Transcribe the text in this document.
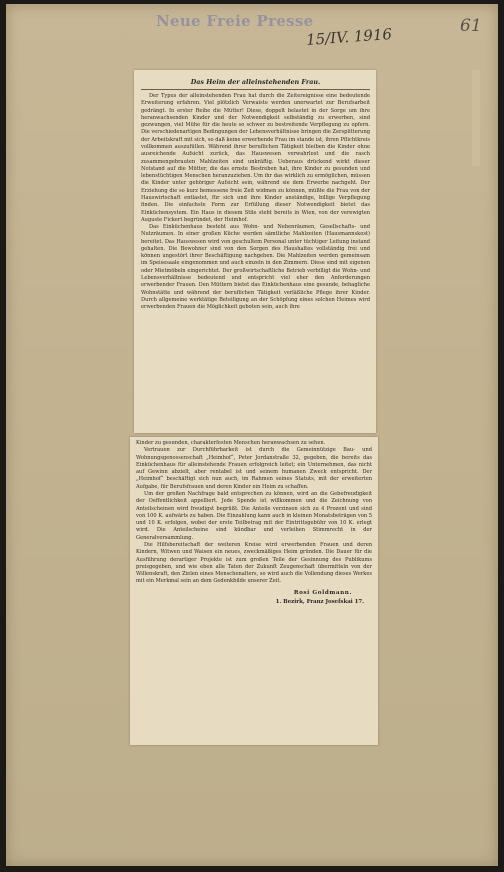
Neue Freie Presse
15/IV. 1916	61
Das Heim der alleinstehenden Frau.

Der Typus der alleinstehenden Frau hat durch die Zeitereignisse eine bedeutende Erweiterung erfahren. Viel plötzlich Verwaiste werden unerwartet zur Berufsarbeit gedrängt. In erster Reihe die Mütter! Diese, doppelt belastet in der Sorge um ihre heranwachsenden Kinder und der Notwendigkeit selbständig zu erwerben, sind gezwungen, viel Mühe für die heute so schwer zu bestreitende Verpflegung zu opfern. Die verschiedenartigen Bedingungen der Lebensverhältnisse bringen die Zersplitterung der Arbeitskraft mit sich, so daß keine erwerbende Frau im stande ist, ihren Pflichtkreis vollkommen auszufüllen. Während ihrer beruflichen Tätigkeit bleiben die Kinder ohne ausreichende Aufsicht zurück, das Hauswesen verwahrlost und die rasch zusammengebrauten Mahlzeiten sind unkräftig. Ueberaus drückend wirkt dieser Notstand auf die Mütter, die das ernste Bestreben hat, ihre Kinder zu gesunden und lebenstüchtigen Menschen heranzuziehen. Um ihr das wirklich zu ermöglichen, müssen die Kinder unter gehöriger Aufsicht sein, während sie dem Erwerbe nachgeht. Der Erziehung die so kurz bemessene freie Zeit widmen zu können, müßte die Frau von der Hauswirtschaft entlastet, für sich und ihre Kinder anständige, billige Verpflegung finden. Die einfachste Form zur Erfüllung dieser Notwendigkeit bietet das Einküchensystem. Ein Haus in diesem Stile steht bereits in Wien, von der verewigten Auguste Fickert begründet, der Heimhof.

Das Einküchenhaus besteht aus Wohn- und Nebenräumen, Gesellschafts- und Nutzräumen. In einer großen Küche werden sämtliche Mahlzeiten (Hausmannskost) bereitet. Das Hauswesen wird von geschultem Personal unter tüchtiger Leitung instand gehalten. Die Bewohner sind von den Sorgen des Haushaltes vollständig frei und können ungestört ihrer Beschäftigung nachgehen. Die Mahlzeiten werden gemeinsam im Speisesaale eingenommen und auch einzeln in den Zimmern. Diese sind mit eigenen oder Mietmöbeln eingerichtet. Der großwirtschaftliche Betrieb verbilligt die Wohn- und Lebensverhältnisse bedeutend und entspricht viel eher den Anforderungen erwerbender Frauen. Den Müttern bietet das Einküchenhaus eine gesunde, behagliche Wohnstätte und während der beruflichen Tätigkeit verläßliche Pflege ihrer Kinder. Durch allgemeine werktätige Beteiligung an der Schöpfung eines solchen Heimes wird erwerbenden Frauen die Möglichkeit geboten sein, auch ihre

Kinder zu gesunden, charakterfesten Menschen heranwachsen zu sehen.

Vertrauen zur Durchführbarkeit ist durch die Gemeinnützige Bau- und Wohnungsgenossenschaft „Heimhof“, Peter Jordanstraße 32, gegeben, die bereits das Einküchenhaus für alleinstehende Frauen erfolgreich leitet; ein Unternehmen, das nicht auf Gewinn abzielt, aber rentabel ist und seinem humanen Zweck entspricht. Der „Heimhof“ beschäftigt sich nun auch, im Rahmen seines Statuts, mit der erweiterten Aufgabe, für Berufsfrauen und deren Kinder ein Heim zu schaffen.

Um der großen Nachfrage bald entsprechen zu können, wird an die Gebefreudigkeit der Oeffentlichkeit appelliert. Jede Spende ist willkommen und die Zeichnung von Anteilscheinen wird freudigst begrüßt. Die Anteile verzinsen sich zu 4 Prozent und sind von 100 K. aufwärts zu haben. Die Einzahlung kann auch in kleinen Monatsbeträgen von 5 und 10 K. erfolgen, wobei der erste Teilbetrag mit der Eintrittsgebühr von 10 K. erlegt wird. Die Anteilscheine sind kündbar und verleihen Stimmrecht in der Generalversammlung.

Die Hilfsbereitschaft der weiteren Kreise wird erwerbenden Frauen und deren Kindern, Witwen und Waisen ein neues, zweckmäßiges Heim gründen. Die Dauer für die Ausführung derartiger Projekte ist zum großen Teile der Gesinnung des Publikums preisgegeben, und wie eben alle Taten der Zukunft Zeugenschaft übermitteln von der Willenskraft, den Zielen eines Menschenalters, so wird auch die Vollendung dieses Werkes mit ein Merkmal sein an dem Gedenkbilde unserer Zeit.

Rosi Goldmann.
1. Bezirk, Franz Josefskai 17.
